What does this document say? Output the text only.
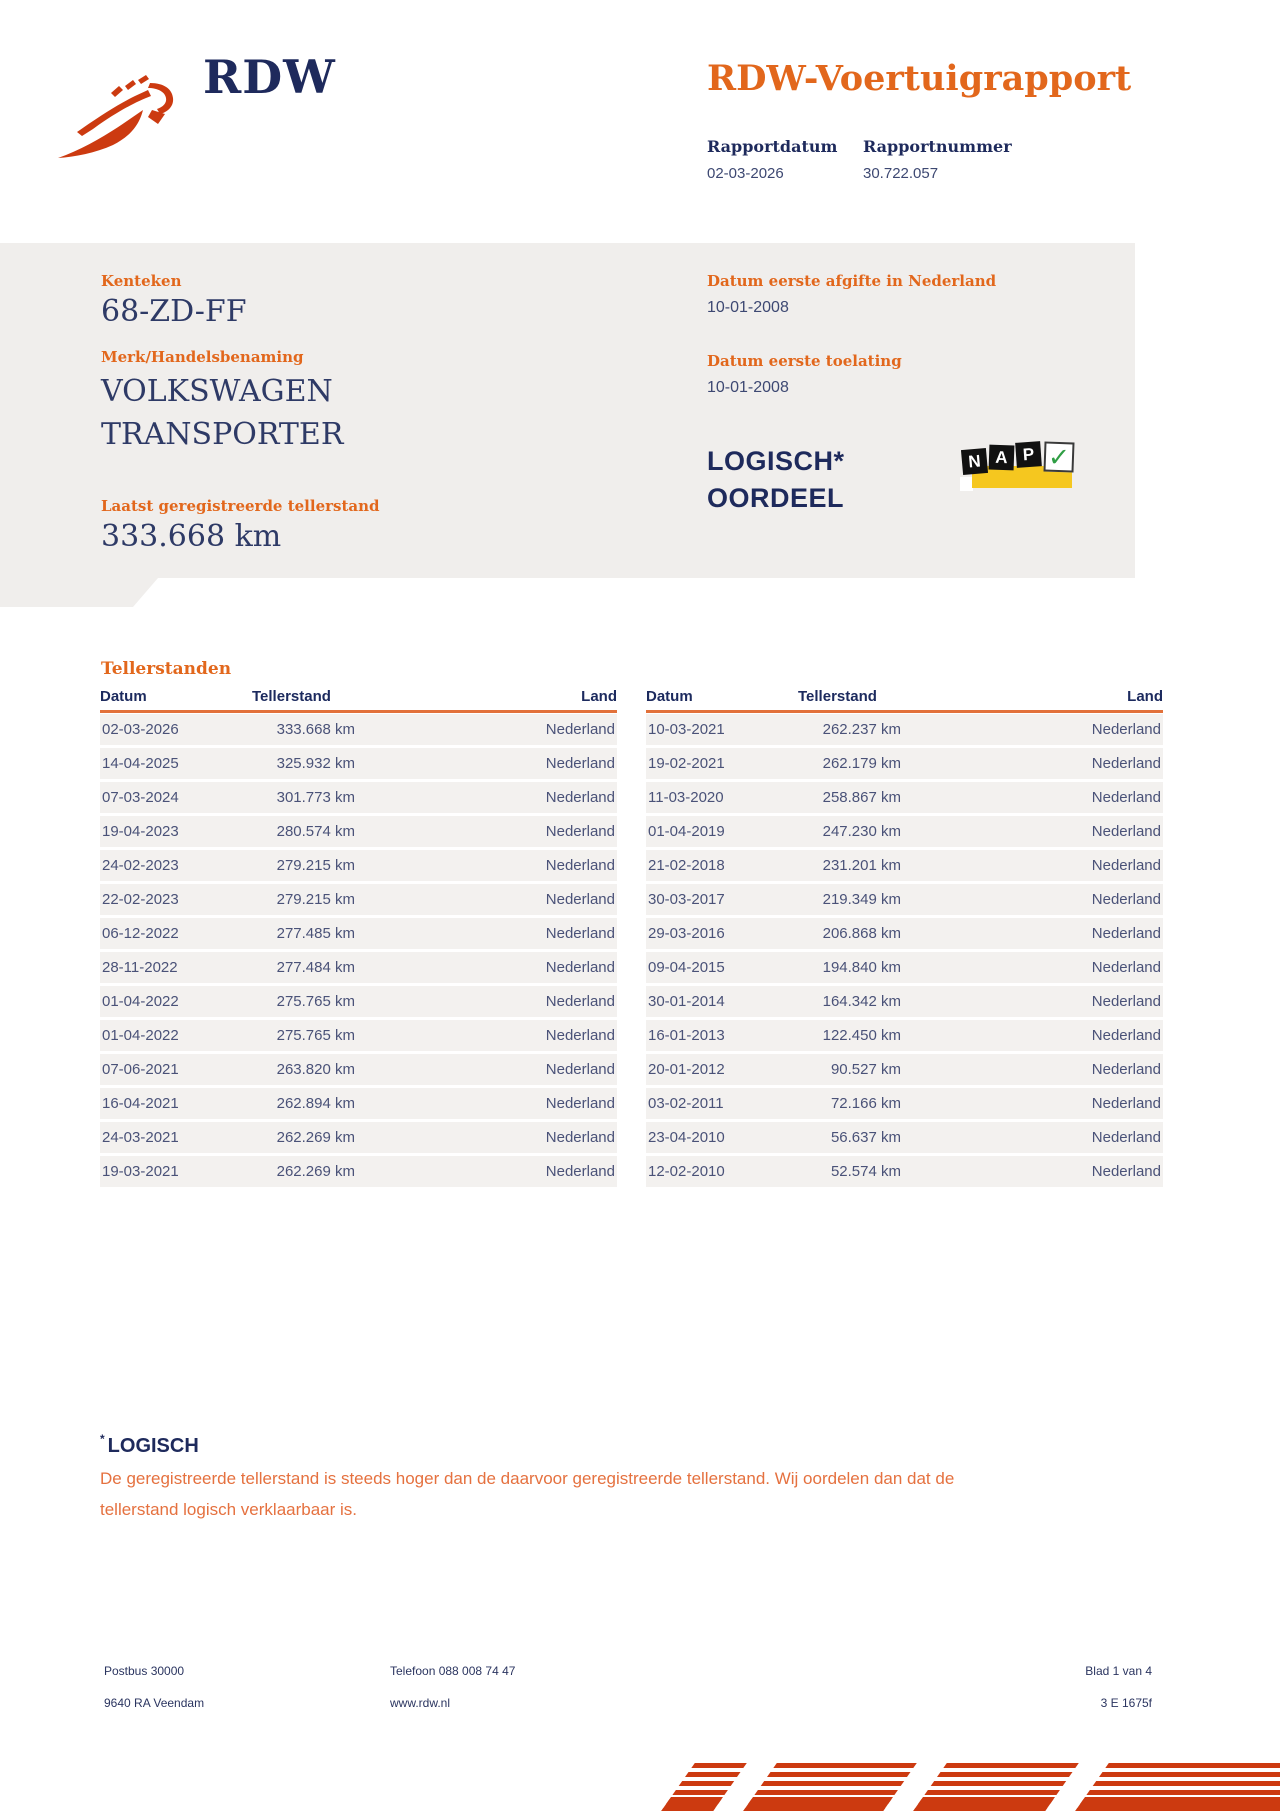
RDW	RDW-Voertuigrapport
Rapportdatum Rapportnummer
02-03-2026	30.722.057
Kenteken
68-ZD-FF
Merk/Handelsbenaming
VOLKSWAGEN
TRANSPORTER
Laatst geregistreerde tellerstand
333.668 km
Datum eerste afgifte in Nederland
10-01-2008
Datum eerste toelating
10-01-2008
LOGISCH*
OORDEEL
N A P ✓
Tellerstanden
Datum	Tellerstand	Land
02-03-2026	333.668 km	Nederland
14-04-2025	325.932 km	Nederland
07-03-2024	301.773 km	Nederland
19-04-2023	280.574 km	Nederland
24-02-2023	279.215 km	Nederland
22-02-2023	279.215 km	Nederland
06-12-2022	277.485 km	Nederland
28-11-2022	277.484 km	Nederland
01-04-2022	275.765 km	Nederland
01-04-2022	275.765 km	Nederland
07-06-2021	263.820 km	Nederland
16-04-2021	262.894 km	Nederland
24-03-2021	262.269 km	Nederland
19-03-2021	262.269 km	Nederland
Datum	Tellerstand	Land
10-03-2021	262.237 km	Nederland
19-02-2021	262.179 km	Nederland
11-03-2020	258.867 km	Nederland
01-04-2019	247.230 km	Nederland
21-02-2018	231.201 km	Nederland
30-03-2017	219.349 km	Nederland
29-03-2016	206.868 km	Nederland
09-04-2015	194.840 km	Nederland
30-01-2014	164.342 km	Nederland
16-01-2013	122.450 km	Nederland
20-01-2012	90.527 km	Nederland
03-02-2011	72.166 km	Nederland
23-04-2010	56.637 km	Nederland
12-02-2010	52.574 km	Nederland
* LOGISCH
De geregistreerde tellerstand is steeds hoger dan de daarvoor geregistreerde tellerstand. Wij oordelen dan dat de
tellerstand logisch verklaarbaar is.
Postbus 30000
9640 RA Veendam
Telefoon 088 008 74 47
www.rdw.nl
Blad 1 van 4
3 E 1675f
